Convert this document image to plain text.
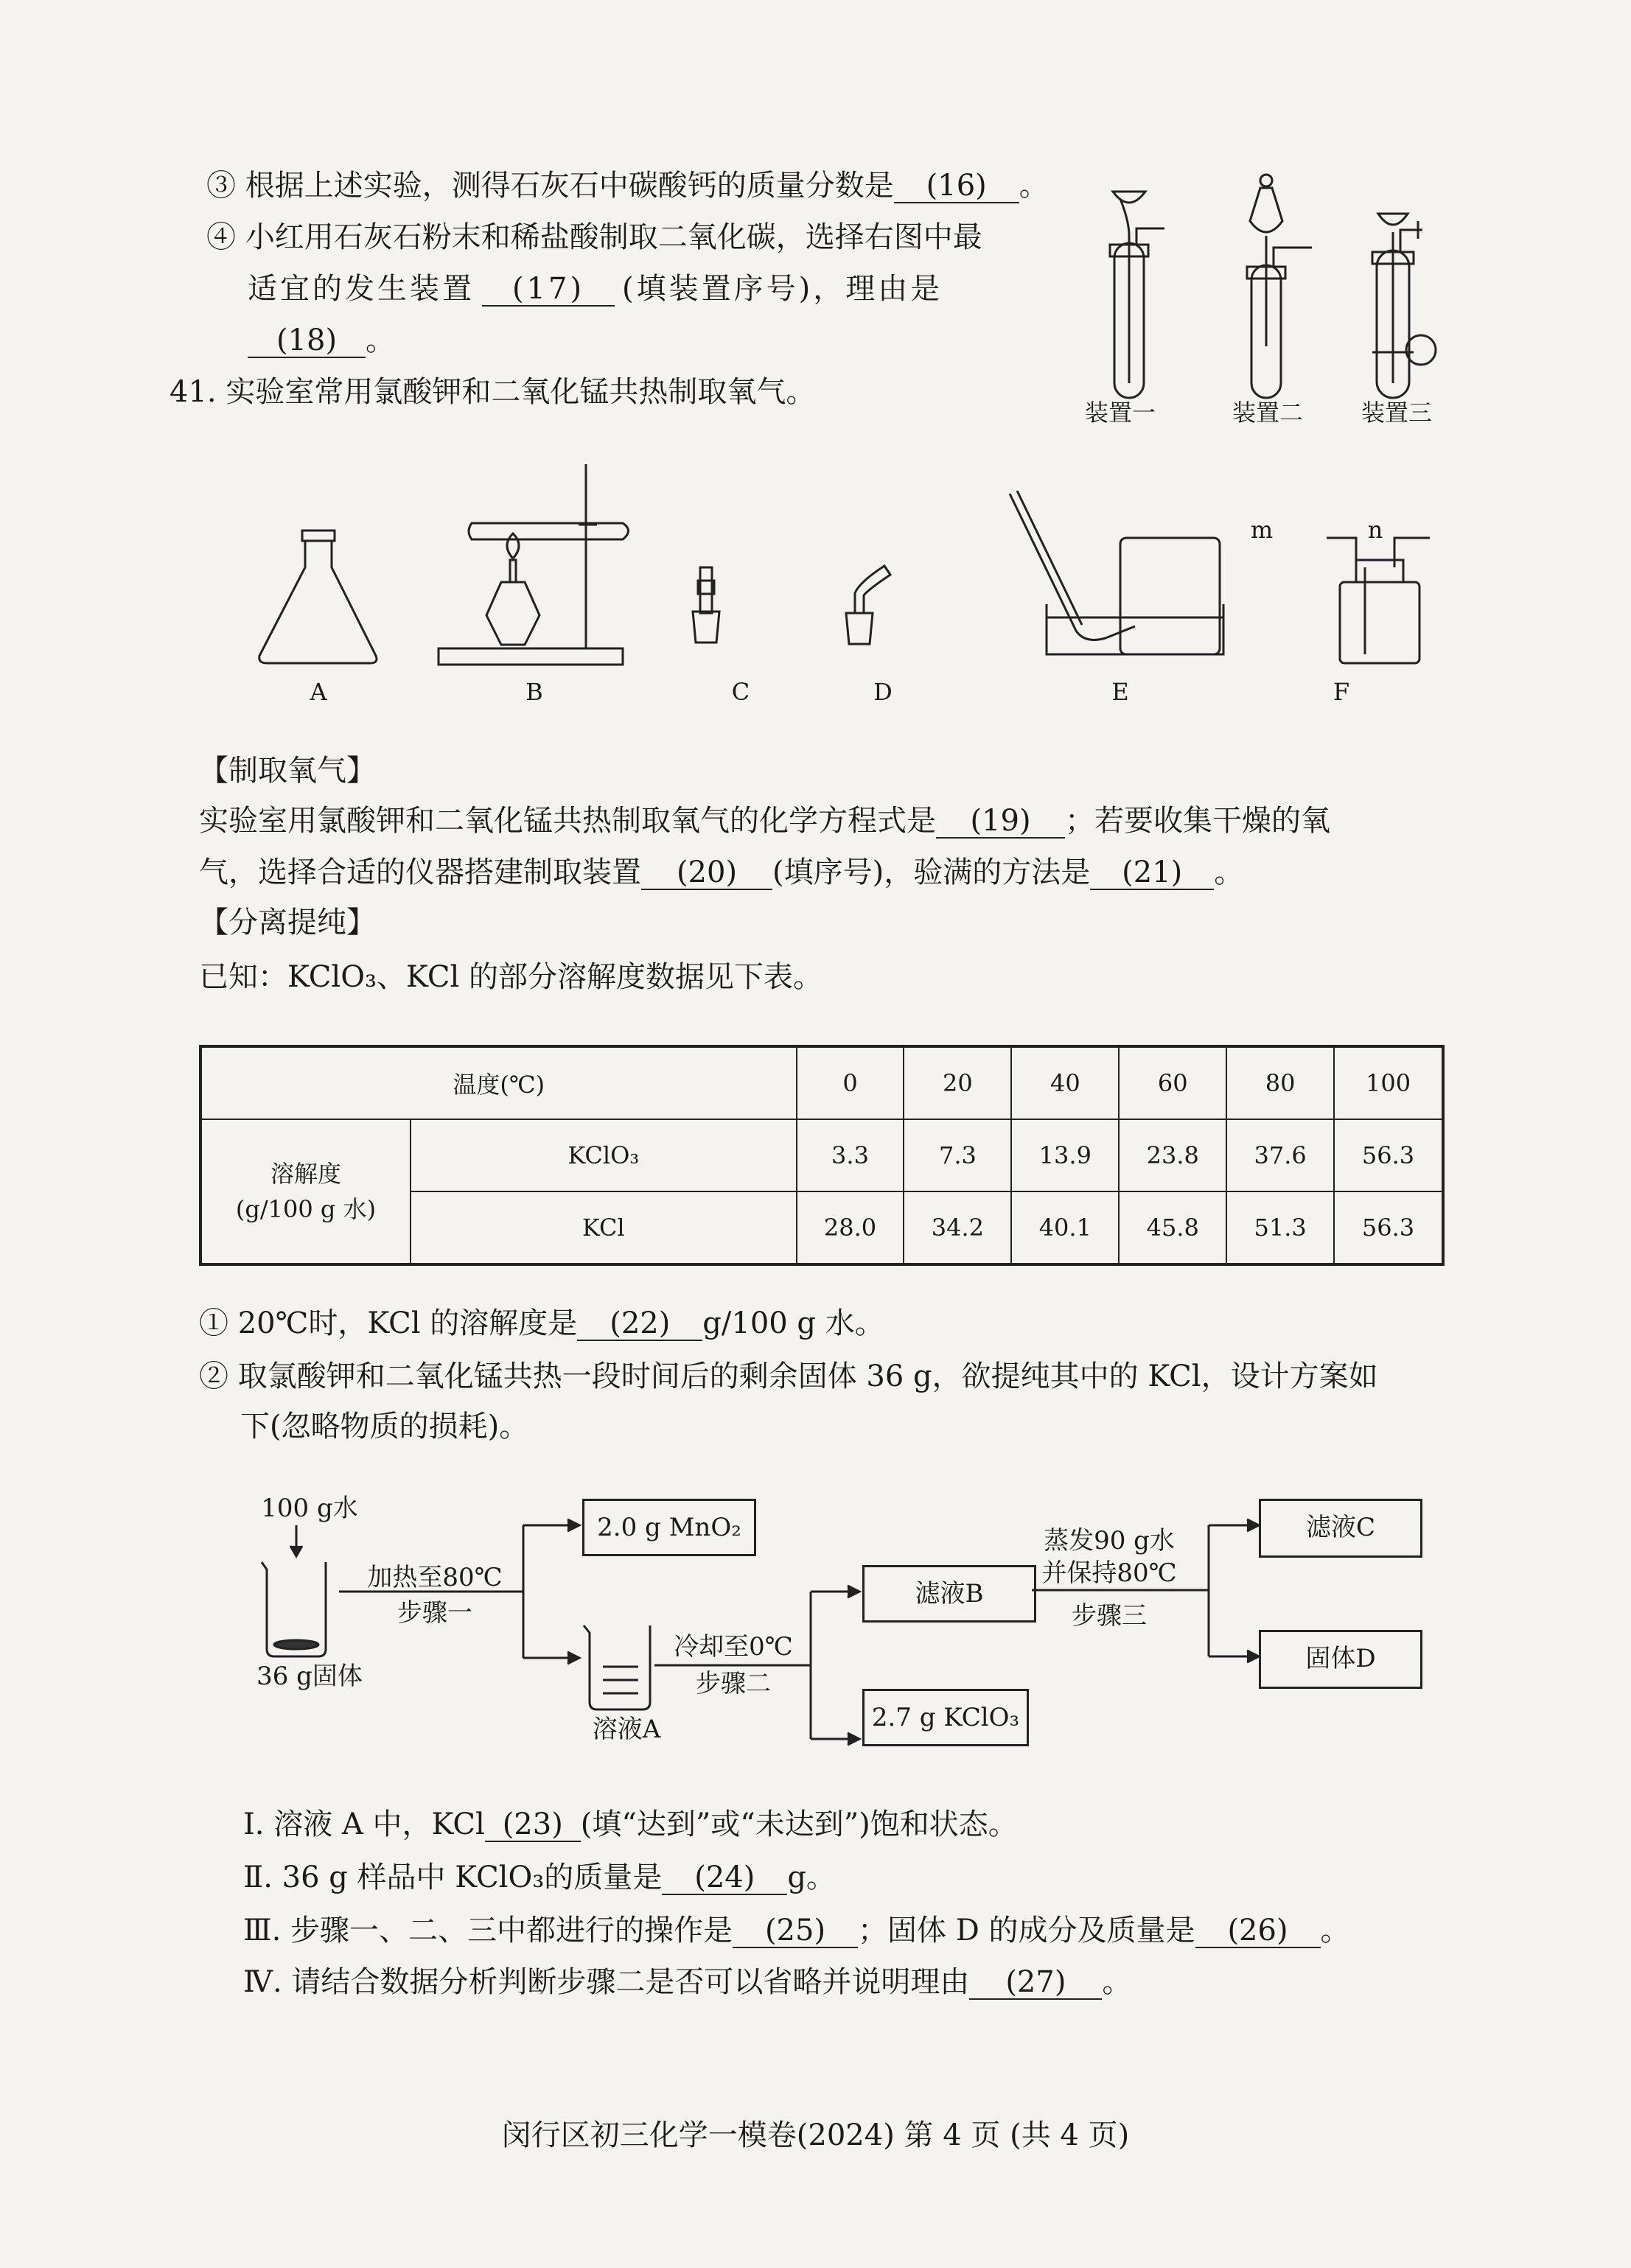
③ 根据上述实验，测得石灰石中碳酸钙的质量分数是 (16) 。
④ 小红用石灰石粉末和稀盐酸制取二氧化碳，选择右图中最
适宜的发生装置 (17) (填装置序号)，理由是
(18) 。
装置一	装置二	装置三
41. 实验室常用氯酸钾和二氧化锰共热制取氧气。
A	B	C	D	E	F
m	n
【制取氧气】
实验室用氯酸钾和二氧化锰共热制取氧气的化学方程式是 (19) ；若要收集干燥的氧
气，选择合适的仪器搭建制取装置 (20) (填序号)，验满的方法是 (21) 。
【分离提纯】
已知：KClO₃、KCl 的部分溶解度数据见下表。
温度(℃)		0	20	40	60	80	100

溶解度
(g/100 g 水)	KClO₃	3.3	7.3	13.9	23.8	37.6	56.3
	KCl	28.0	34.2	40.1	45.8	51.3	56.3
① 20℃时，KCl 的溶解度是 (22) g/100 g 水。
② 取氯酸钾和二氧化锰共热一段时间后的剩余固体 36 g，欲提纯其中的 KCl，设计方案如
下(忽略物质的损耗)。
100 g水
36 g固体
加热至80℃
步骤一
2.0 g MnO₂
溶液A
冷却至0℃
步骤二
滤液B
2.7 g KClO₃
蒸发90 g水
并保持80℃
步骤三
滤液C
固体D
Ⅰ. 溶液 A 中，KCl (23) (填“达到”或“未达到”)饱和状态。
Ⅱ. 36 g 样品中 KClO₃的质量是 (24) g。
Ⅲ. 步骤一、二、三中都进行的操作是 (25) ；固体 D 的成分及质量是 (26) 。
Ⅳ. 请结合数据分析判断步骤二是否可以省略并说明理由 (27) 。
闵行区初三化学一模卷(2024) 第 4 页 (共 4 页)
